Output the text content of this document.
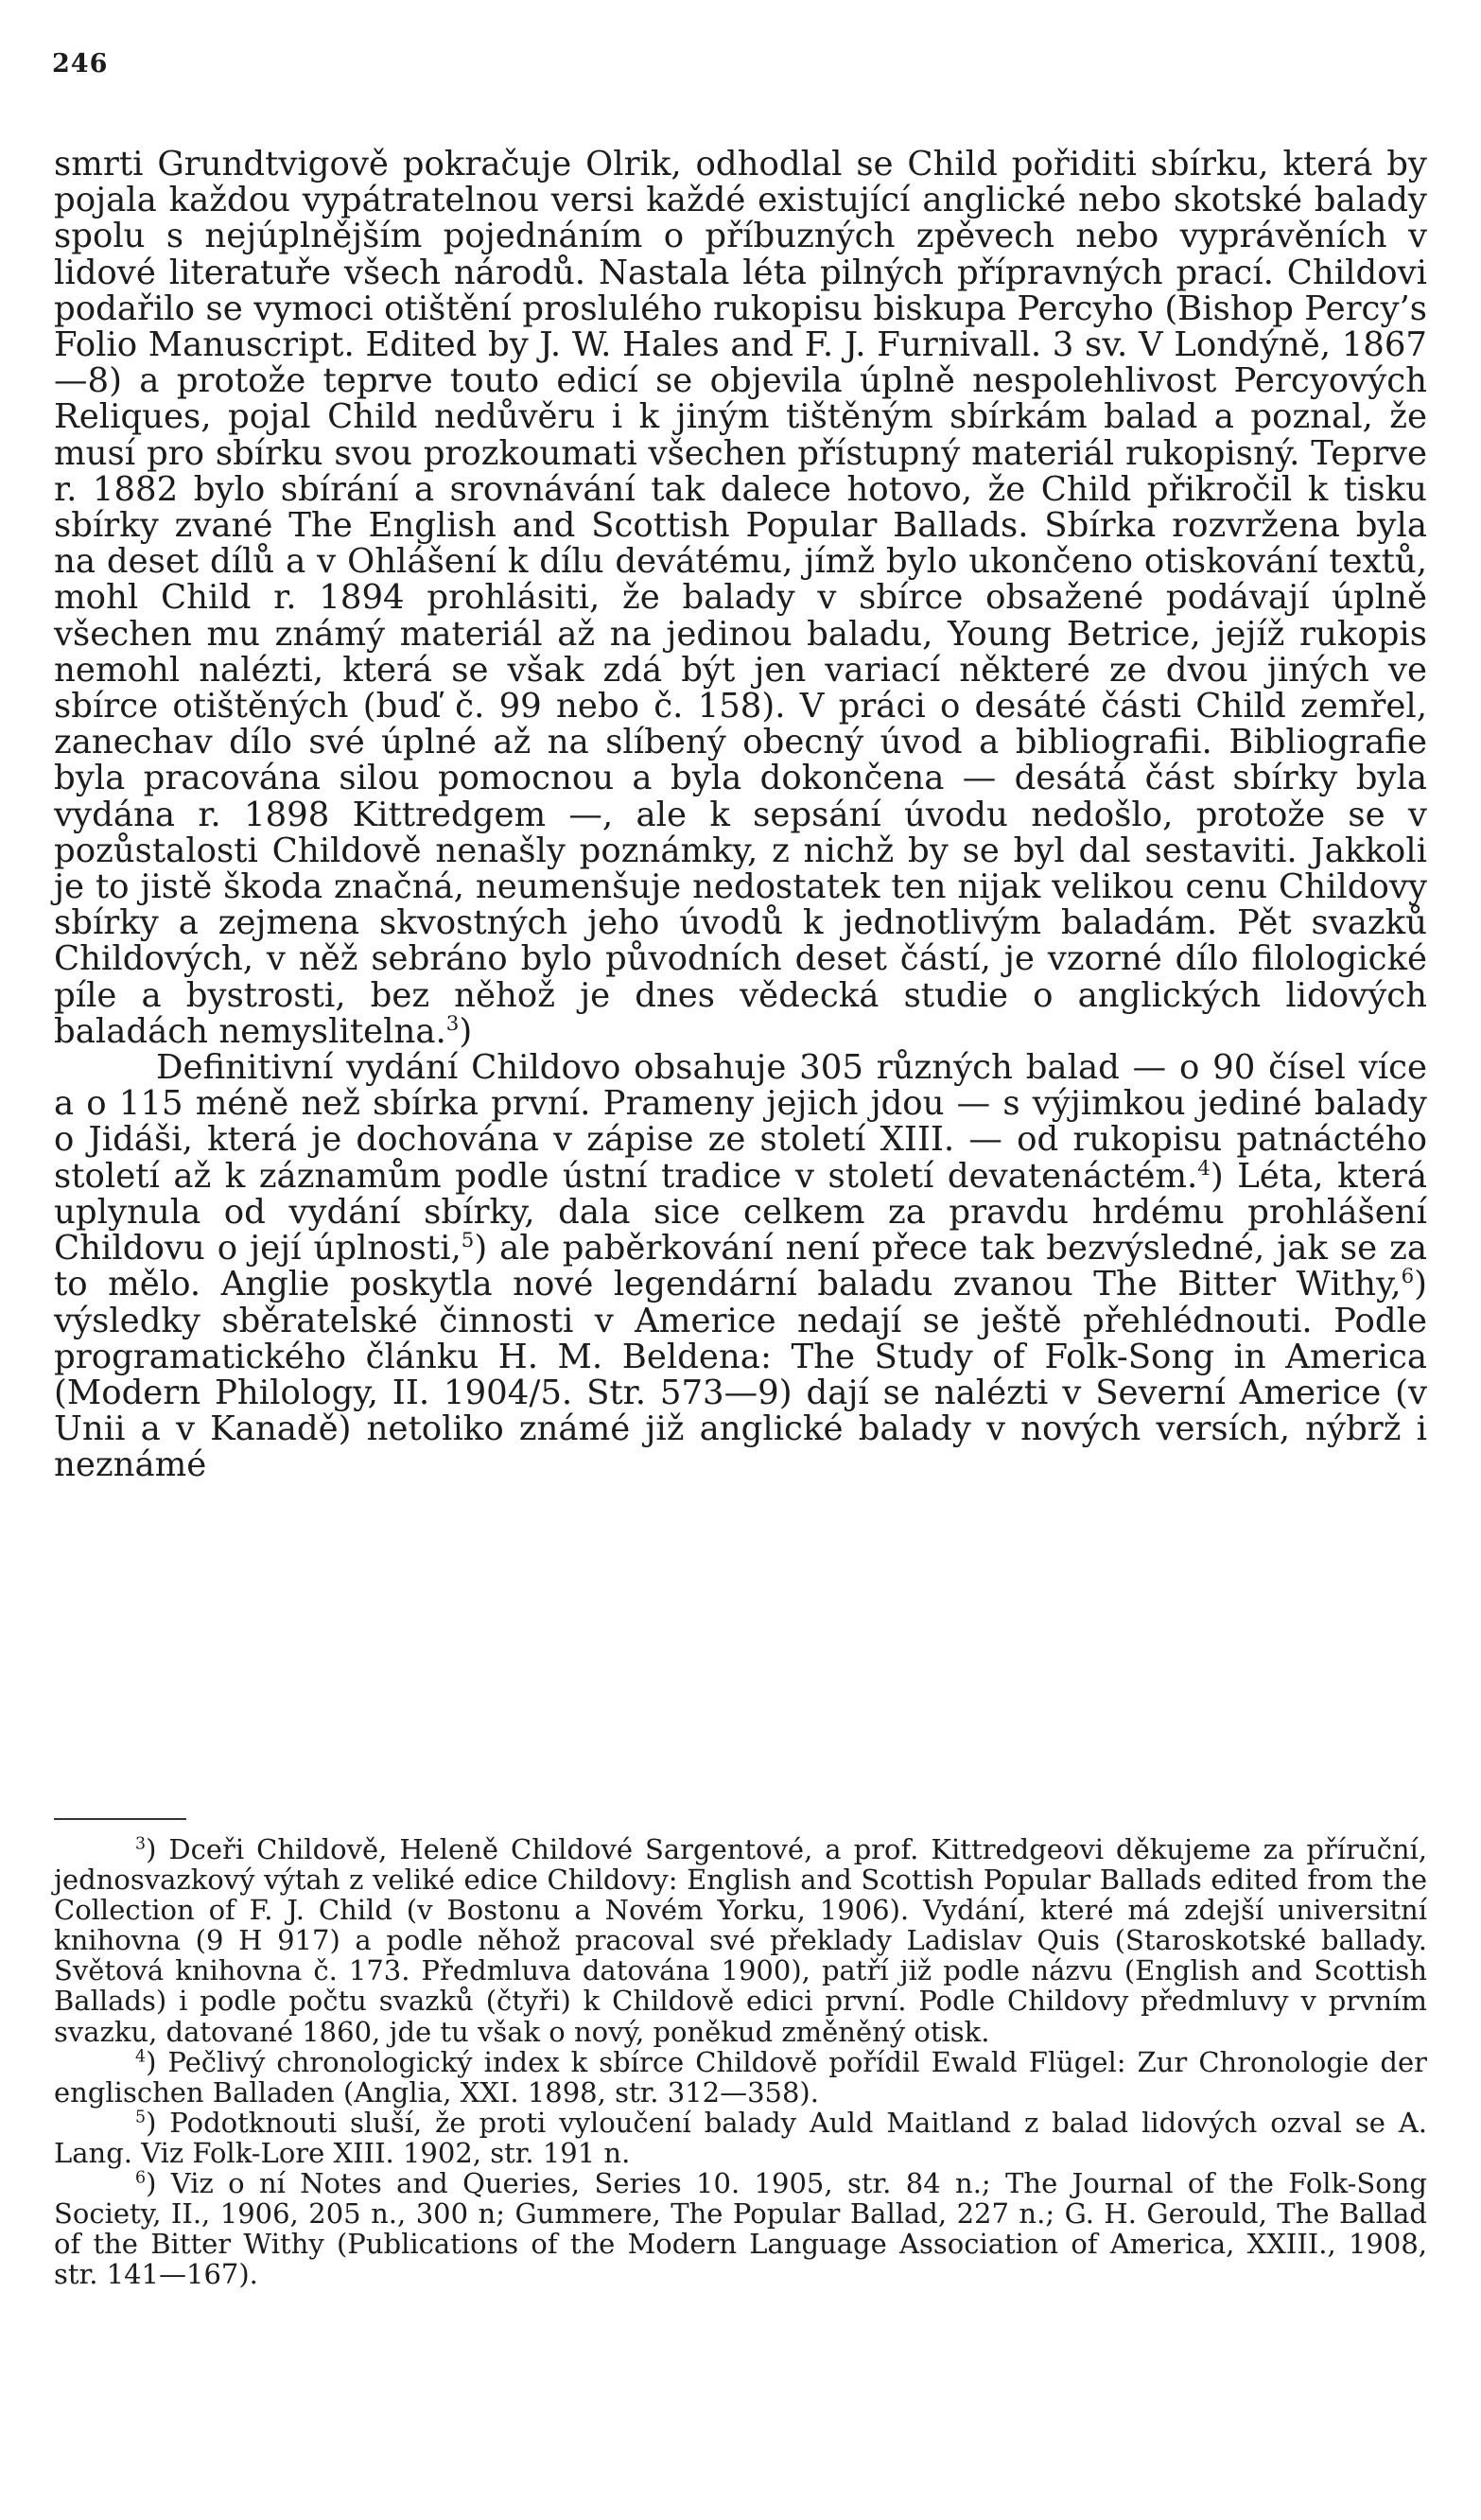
246

smrti Grundtvigově pokračuje Olrik, odhodlal se Child pořiditi sbírku, která by pojala každou vypátratelnou versi každé existující anglické nebo skotské balady spolu s nejúplnějším pojednáním o příbuzných zpěvech nebo vyprávěních v lidové literatuře všech národů. Nastala léta pilných přípravných prací. Childovi podařilo se vymoci otištění proslulého rukopisu biskupa Percyho (Bishop Percy’s Folio Manuscript. Edited by J. W. Hales and F. J. Furnivall. 3 sv. V Londýně, 1867—8) a protože teprve touto edicí se objevila úplně nespolehlivost Percyových Reliques, pojal Child nedůvěru i k jiným tištěným sbírkám balad a poznal, že musí pro sbírku svou prozkoumati všechen přístupný materiál rukopisný. Teprve r. 1882 bylo sbírání a srovnávání tak dalece hotovo, že Child přikročil k tisku sbírky zvané The English and Scottish Popular Ballads. Sbírka rozvržena byla na deset dílů a v Ohlášení k dílu devátému, jímž bylo ukončeno otiskování textů, mohl Child r. 1894 prohlásiti, že balady v sbírce obsažené podávají úplně všechen mu známý materiál až na jedinou baladu, Young Betrice, jejíž rukopis nemohl nalézti, která se však zdá být jen variací některé ze dvou jiných ve sbírce otištěných (buď č. 99 nebo č. 158). V práci o desáté části Child zemřel, zanechav dílo své úplné až na slíbený obecný úvod a bibliografii. Bibliografie byla pracována silou pomocnou a byla dokončena — desátá část sbírky byla vydána r. 1898 Kittredgem —, ale k sepsání úvodu nedošlo, protože se v pozůstalosti Childově nenašly poznámky, z nichž by se byl dal sestaviti. Jakkoli je to jistě škoda značná, neumenšuje nedostatek ten nijak velikou cenu Childovy sbírky a zejmena skvostných jeho úvodů k jednotlivým baladám. Pět svazků Childových, v něž sebráno bylo původních deset částí, je vzorné dílo filologické píle a bystrosti, bez něhož je dnes vědecká studie o anglických lidových baladách nemyslitelna.$^3$)

Definitivní vydání Childovo obsahuje 305 různých balad — o 90 čísel více a o 115 méně než sbírka první. Prameny jejich jdou — s výjimkou jediné balady o Jidáši, která je dochována v zápise ze století XIII. — od rukopisu patnáctého století až k záznamům podle ústní tradice v století devatenáctém.$^4$) Léta, která uplynula od vydání sbírky, dala sice celkem za pravdu hrdému prohlášení Childovu o její úplnosti,$^5$) ale paběrkování není přece tak bezvýsledné, jak se za to mělo. Anglie poskytla nové legendární baladu zvanou The Bitter Withy,$^6$) výsledky sběratelské činnosti v Americe nedají se ještě přehlédnouti. Podle programatického článku H. M. Beldena: The Study of Folk-Song in America (Modern Philology, II. 1904/5. Str. 573—9) dají se nalézti v Severní Americe (v Unii a v Kanadě) netoliko známé již anglické balady v nových versích, nýbrž i neznámé

$^3$) Dceři Childově, Heleně Childové Sargentové, a prof. Kittredgeovi děkujeme za příruční, jednosvazkový výtah z veliké edice Childovy: English and Scottish Popular Ballads edited from the Collection of F. J. Child (v Bostonu a Novém Yorku, 1906). Vydání, které má zdejší universitní knihovna (9 H 917) a podle něhož pracoval své překlady Ladislav Quis (Staroskotské ballady. Světová knihovna č. 173. Předmluva datována 1900), patří již podle názvu (English and Scottish Ballads) i podle počtu svazků (čtyři) k Childově edici první. Podle Childovy předmluvy v prvním svazku, datované 1860, jde tu však o nový, poněkud změněný otisk.

$^4$) Pečlivý chronologický index k sbírce Childově pořídil Ewald Flügel: Zur Chronologie der englischen Balladen (Anglia, XXI. 1898, str. 312—358).

$^5$) Podotknouti sluší, že proti vyloučení balady Auld Maitland z balad lidových ozval se A. Lang. Viz Folk-Lore XIII. 1902, str. 191 n.

$^6$) Viz o ní Notes and Queries, Series 10. 1905, str. 84 n.; The Journal of the Folk-Song Society, II., 1906, 205 n., 300 n; Gummere, The Popular Ballad, 227 n.; G. H. Gerould, The Ballad of the Bitter Withy (Publications of the Modern Language Association of America, XXIII., 1908, str. 141—167).
